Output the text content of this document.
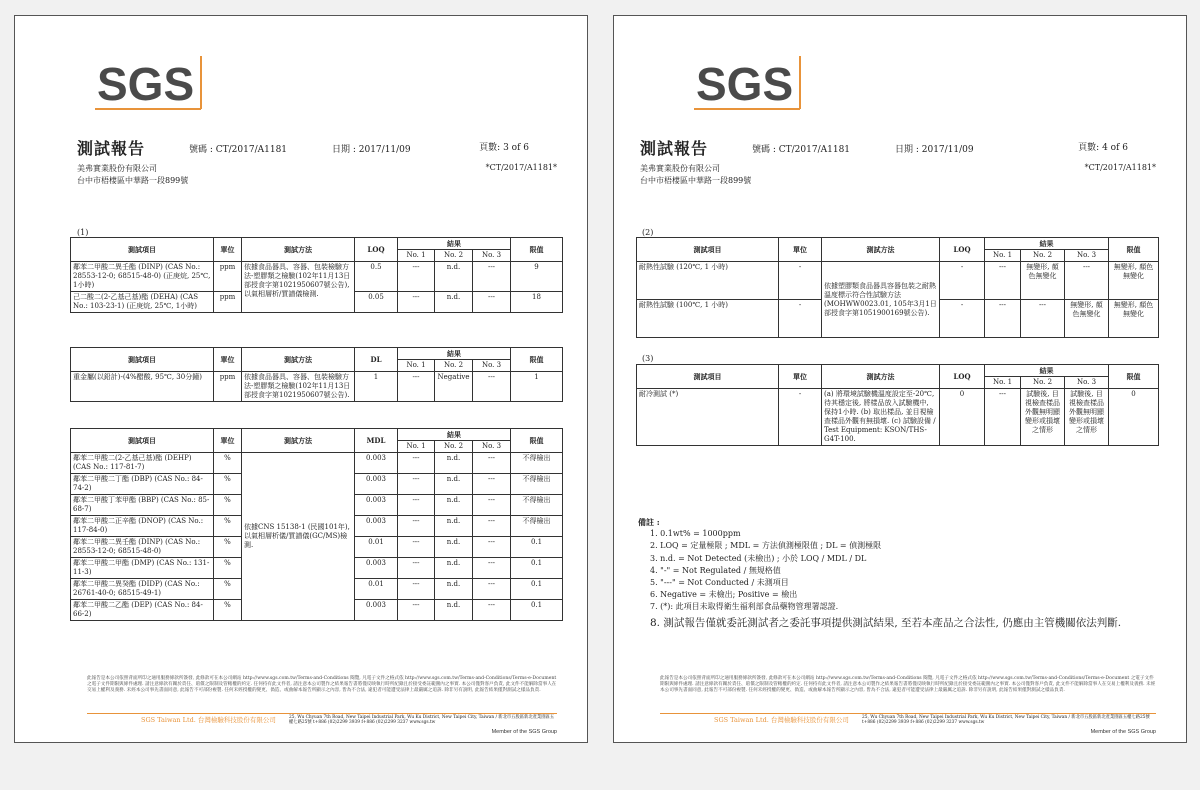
SGS
測試報告	號碼 : CT/2017/A1181	日期 : 2017/11/09	頁數: 3 of 6
美弗實業股份有限公司
台中市梧棲區中華路一段899號
*CT/2017/A1181*
(1)
測試項目	單位	測試方法	LOQ	結果			限值
				No. 1	No. 2	No. 3	
鄰苯二甲酸二異壬酯 (DINP) (CAS No.: 28553-12-0; 68515-48-0) (正庚烷, 25℃, 1小時)	ppm	依據食品器具、容器、包裝檢驗方法-塑膠類之檢驗(102年11月13日部授食字第1021950607號公告), 以氣相層析/質譜儀檢測.	0.5	---	n.d.	---	9
己二酸二(2-乙基己基)酯 (DEHA) (CAS No.: 103-23-1) (正庚烷, 25℃, 1小時)	ppm		0.05	---	n.d.	---	18
測試項目	單位	測試方法	DL	結果			限值
				No. 1	No. 2	No. 3	
重金屬(以鉛計)-(4%醋酸, 95℃, 30分鐘)	ppm	依據食品器具、容器、包裝檢驗方法-塑膠類之檢驗(102年11月13日部授食字第1021950607號公告).	1	---	Negative	---	1
測試項目	單位	測試方法	MDL	結果			限值
				No. 1	No. 2	No. 3	
鄰苯二甲酸二(2-乙基己基)酯 (DEHP) (CAS No.: 117-81-7)	%	依據CNS 15138-1 (民國101年), 以氣相層析儀/質譜儀(GC/MS)檢測.	0.003	---	n.d.	---	不得檢出
鄰苯二甲酸二丁酯 (DBP) (CAS No.: 84-74-2)	%		0.003	---	n.d.	---	不得檢出
鄰苯二甲酸丁苯甲酯 (BBP) (CAS No.: 85-68-7)	%		0.003	---	n.d.	---	不得檢出
鄰苯二甲酸二正辛酯 (DNOP) (CAS No.: 117-84-0)	%		0.003	---	n.d.	---	不得檢出
鄰苯二甲酸二異壬酯 (DINP) (CAS No.: 28553-12-0; 68515-48-0)	%		0.01	---	n.d.	---	0.1
鄰苯二甲酸二甲酯 (DMP) (CAS No.: 131-11-3)	%		0.003	---	n.d.	---	0.1
鄰苯二甲酸二異癸酯 (DIDP) (CAS No.: 26761-40-0; 68515-49-1)	%		0.01	---	n.d.	---	0.1
鄰苯二甲酸二乙酯 (DEP) (CAS No.: 84-66-2)	%		0.003	---	n.d.	---	0.1
此報告是本公司依照背面所印之通用服務條款所簽發, 此條款可在本公司網站 http://www.sgs.com.tw/Terms-and-Conditions 閱覽, 凡電子文件之格式依 http://www.sgs.com.tw/Terms-and-Conditions/Terms-e-Document 之電子文件期限與條件處理. 請注意條款有關於責任、賠償之限制及管轄權的約定. 任何持有此文件者, 請注意本公司製作之結果報告書將僅反映執行時所紀錄且於接受委託範圍內之事實. 本公司僅對客戶負責, 此文件不能解除當事人在交易上權利及義務. 未經本公司事先書面同意, 此報告不可部份複製. 任何未經授權的變更、偽造、或曲解本報告所顯示之內容, 皆為不合法, 違犯者可能遭受法律上最嚴厲之追訴. 除非另有說明, 此報告結果僅對測試之樣品負責.
SGS Taiwan Ltd. 台灣檢驗科技股份有限公司	25, Wu Chyuan 7th Road, New Taipei Industrial Park, Wu Ku District, New Taipei City, Taiwan / 新北市五股區新北產業園區五權七路25號 t+886 (02)2299 3939 f+886 (02)2299 3237 www.sgs.tw
Member of the SGS Group
SGS
測試報告	號碼 : CT/2017/A1181	日期 : 2017/11/09	頁數: 4 of 6
美弗實業股份有限公司
台中市梧棲區中華路一段899號
*CT/2017/A1181*
(2)
測試項目	單位	測試方法	LOQ	結果			限值
				No. 1	No. 2	No. 3	
耐熱性試驗 (120℃, 1 小時)	-	依據塑膠類食品器具容器包裝之耐熱溫度標示符合性試驗方法(MOHWW0023.01, 105年3月1日部授食字第1051900169號公告).	-	---	無變形, 顏色無變化	---	無變形, 顏色無變化
耐熱性試驗 (100℃, 1 小時)	-		-	---	---	無變形, 顏色無變化	無變形, 顏色無變化
(3)
測試項目	單位	測試方法	LOQ	結果			限值
				No. 1	No. 2	No. 3	
耐冷測試 (*)	-	(a) 將環境試驗機溫度設定至-20℃, 待其穩定後, 將樣品放入試驗機中, 保持1小時. (b) 取出樣品, 並目視檢查樣品外觀有無損壞. (c) 試驗設備 / Test Equipment: KSON/THS-G4T-100.	0	---	試驗後, 目視檢查樣品外觀無明顯變形或損壞之情形	試驗後, 目視檢查樣品外觀無明顯變形或損壞之情形	0
備註 :
1. 0.1wt% = 1000ppm
2. LOQ = 定量極限 ; MDL = 方法偵測極限值 ; DL = 偵測極限
3. n.d. = Not Detected (未檢出) ; 小於 LOQ / MDL / DL
4. "-" = Not Regulated / 無規格值
5. "---" = Not Conducted / 未測項目
6. Negative = 未檢出; Positive = 檢出
7. (*): 此項目未取得衛生福利部食品藥物管理署認證.
8. 測試報告僅就委託測試者之委託事項提供測試結果, 至若本產品之合法性, 仍應由主管機關依法判斷.
此報告是本公司依照背面所印之通用服務條款所簽發, 此條款可在本公司網站 http://www.sgs.com.tw/Terms-and-Conditions 閱覽, 凡電子文件之格式依 http://www.sgs.com.tw/Terms-and-Conditions/Terms-e-Document 之電子文件期限與條件處理. 請注意條款有關於責任、賠償之限制及管轄權的約定. 任何持有此文件者, 請注意本公司製作之結果報告書將僅反映執行時所紀錄且於接受委託範圍內之事實. 本公司僅對客戶負責, 此文件不能解除當事人在交易上權利及義務. 未經本公司事先書面同意, 此報告不可部份複製. 任何未經授權的變更、偽造、或曲解本報告所顯示之內容, 皆為不合法, 違犯者可能遭受法律上最嚴厲之追訴. 除非另有說明, 此報告結果僅對測試之樣品負責.
SGS Taiwan Ltd. 台灣檢驗科技股份有限公司	25, Wu Chyuan 7th Road, New Taipei Industrial Park, Wu Ku District, New Taipei City, Taiwan / 新北市五股區新北產業園區五權七路25號 t+886 (02)2299 3939 f+886 (02)2299 3237 www.sgs.tw
Member of the SGS Group
